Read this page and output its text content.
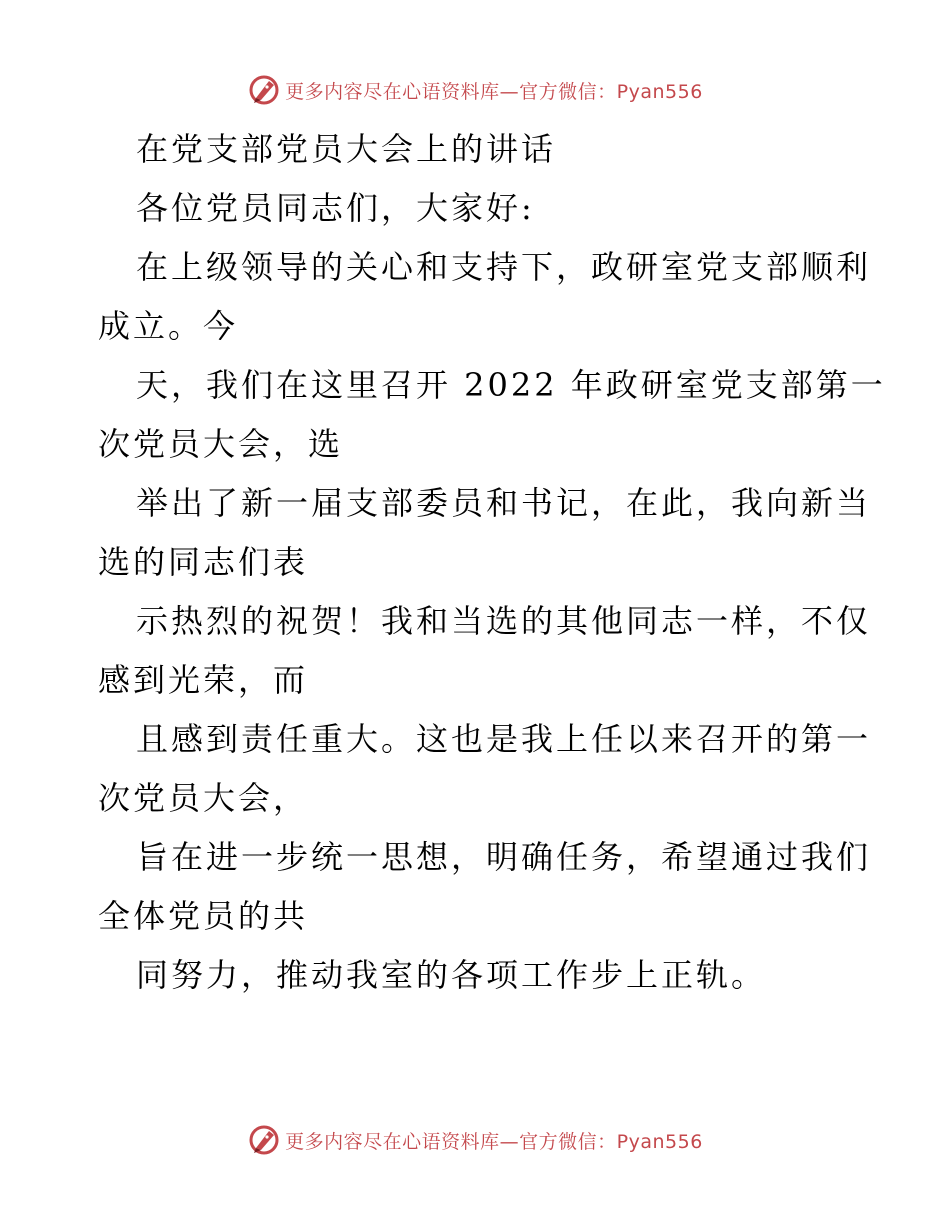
更多内容尽在心语资料库—官方微信：Pyan556
在党支部党员大会上的讲话
各位党员同志们，大家好:
在上级领导的关心和支持下，政研室党支部顺利
成立。今
天，我们在这里召开 2022 年政研室党支部第一
次党员大会，选
举出了新一届支部委员和书记，在此，我向新当
选的同志们表
示热烈的祝贺！我和当选的其他同志一样，不仅
感到光荣，而
且感到责任重大。这也是我上任以来召开的第一
次党员大会，
旨在进一步统一思想，明确任务，希望通过我们
全体党员的共
同努力，推动我室的各项工作步上正轨。
更多内容尽在心语资料库—官方微信：Pyan556
